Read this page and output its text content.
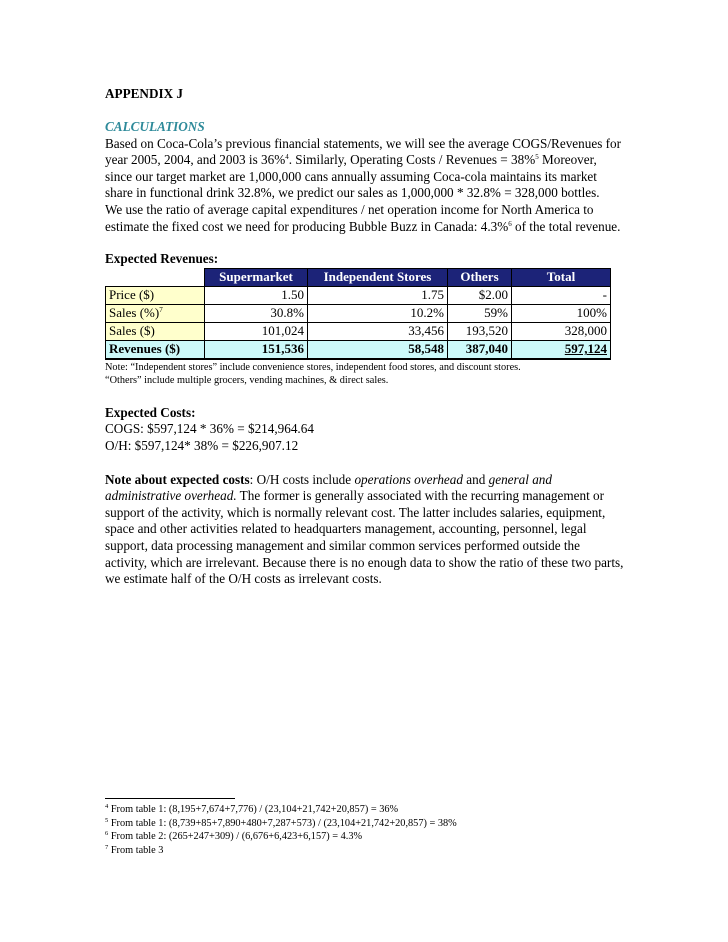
APPENDIX J

CALCULATIONS

Based on Coca-Cola’s previous financial statements, we will see the average COGS/Revenues for year 2005, 2004, and 2003 is 36%$^4$. Similarly, Operating Costs / Revenues = 38%$^5$ Moreover, since our target market are 1,000,000 cans annually assuming Coca-cola maintains its market share in functional drink 32.8%, we predict our sales as 1,000,000 * 32.8% = 328,000 bottles.

We use the ratio of average capital expenditures / net operation income for North America to estimate the fixed cost we need for producing Bubble Buzz in Canada: 4.3%$^6$ of the total revenue.

Expected Revenues:

	Supermarket	Independent Stores	Others	Total
Price ($)	1.50	1.75	$2.00	-
Sales (%)$^7$	30.8%	10.2%	59%	100%
Sales ($)	101,024	33,456	193,520	328,000
Revenues ($)	151,536	58,548	387,040	597,124

Note: “Independent stores” include convenience stores, independent food stores, and discount stores.

“Others” include multiple grocers, vending machines, & direct sales.

Expected Costs:

COGS: $597,124 * 36% = $214,964.64

O/H: $597,124* 38% = $226,907.12

Note about expected costs: O/H costs include operations overhead and general and administrative overhead. The former is generally associated with the recurring management or support of the activity, which is normally relevant cost. The latter includes salaries, equipment, space and other activities related to headquarters management, accounting, personnel, legal support, data processing management and similar common services performed outside the activity, which are irrelevant. Because there is no enough data to show the ratio of these two parts, we estimate half of the O/H costs as irrelevant costs.

$^4$ From table 1: (8,195+7,674+7,776) / (23,104+21,742+20,857) = 36%

$^5$ From table 1: (8,739+85+7,890+480+7,287+573) / (23,104+21,742+20,857) = 38%

$^6$ From table 2: (265+247+309) / (6,676+6,423+6,157) = 4.3%

$^7$ From table 3
